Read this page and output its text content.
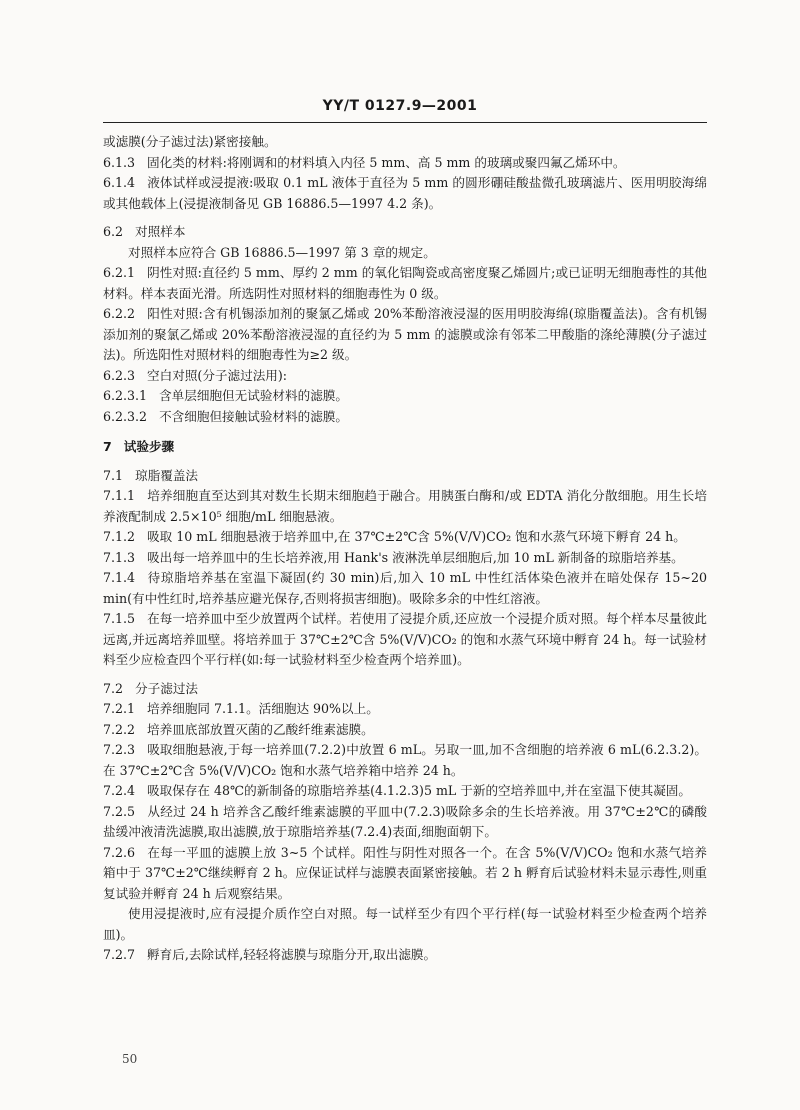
YY/T 0127.9—2001

或滤膜(分子滤过法)紧密接触。

6.1.3 固化类的材料:将刚调和的材料填入内径 5 mm、高 5 mm 的玻璃或聚四氟乙烯环中。

6.1.4 液体试样或浸提液:吸取 0.1 mL 液体于直径为 5 mm 的圆形硼硅酸盐微孔玻璃滤片、医用明胶海绵或其他载体上(浸提液制备见 GB 16886.5—1997 4.2 条)。

6.2 对照样本

对照样本应符合 GB 16886.5—1997 第 3 章的规定。

6.2.1 阴性对照:直径约 5 mm、厚约 2 mm 的氧化铝陶瓷或高密度聚乙烯圆片;或已证明无细胞毒性的其他材料。样本表面光滑。所选阴性对照材料的细胞毒性为 0 级。

6.2.2 阳性对照:含有机锡添加剂的聚氯乙烯或 20%苯酚溶液浸湿的医用明胶海绵(琼脂覆盖法)。含有机锡添加剂的聚氯乙烯或 20%苯酚溶液浸湿的直径约为 5 mm 的滤膜或涂有邻苯二甲酸脂的涤纶薄膜(分子滤过法)。所选阳性对照材料的细胞毒性为≥2 级。

6.2.3 空白对照(分子滤过法用):

6.2.3.1 含单层细胞但无试验材料的滤膜。

6.2.3.2 不含细胞但接触试验材料的滤膜。

7 试验步骤

7.1 琼脂覆盖法

7.1.1 培养细胞直至达到其对数生长期末细胞趋于融合。用胰蛋白酶和/或 EDTA 消化分散细胞。用生长培养液配制成 2.5×10⁵ 细胞/mL 细胞悬液。

7.1.2 吸取 10 mL 细胞悬液于培养皿中,在 37℃±2℃含 5%(V/V)CO₂ 饱和水蒸气环境下孵育 24 h。

7.1.3 吸出每一培养皿中的生长培养液,用 Hank's 液淋洗单层细胞后,加 10 mL 新制备的琼脂培养基。

7.1.4 待琼脂培养基在室温下凝固(约 30 min)后,加入 10 mL 中性红活体染色液并在暗处保存 15~20 min(有中性红时,培养基应避光保存,否则将损害细胞)。吸除多余的中性红溶液。

7.1.5 在每一培养皿中至少放置两个试样。若使用了浸提介质,还应放一个浸提介质对照。每个样本尽量彼此远离,并远离培养皿壁。将培养皿于 37℃±2℃含 5%(V/V)CO₂ 的饱和水蒸气环境中孵育 24 h。每一试验材料至少应检查四个平行样(如:每一试验材料至少检查两个培养皿)。

7.2 分子滤过法

7.2.1 培养细胞同 7.1.1。活细胞达 90%以上。

7.2.2 培养皿底部放置灭菌的乙酸纤维素滤膜。

7.2.3 吸取细胞悬液,于每一培养皿(7.2.2)中放置 6 mL。另取一皿,加不含细胞的培养液 6 mL(6.2.3.2)。在 37℃±2℃含 5%(V/V)CO₂ 饱和水蒸气培养箱中培养 24 h。

7.2.4 吸取保存在 48℃的新制备的琼脂培养基(4.1.2.3)5 mL 于新的空培养皿中,并在室温下使其凝固。

7.2.5 从经过 24 h 培养含乙酸纤维素滤膜的平皿中(7.2.3)吸除多余的生长培养液。用 37℃±2℃的磷酸盐缓冲液清洗滤膜,取出滤膜,放于琼脂培养基(7.2.4)表面,细胞面朝下。

7.2.6 在每一平皿的滤膜上放 3~5 个试样。阳性与阴性对照各一个。在含 5%(V/V)CO₂ 饱和水蒸气培养箱中于 37℃±2℃继续孵育 2 h。应保证试样与滤膜表面紧密接触。若 2 h 孵育后试验材料未显示毒性,则重复试验并孵育 24 h 后观察结果。

使用浸提液时,应有浸提介质作空白对照。每一试样至少有四个平行样(每一试验材料至少检查两个培养皿)。

7.2.7 孵育后,去除试样,轻轻将滤膜与琼脂分开,取出滤膜。

50
